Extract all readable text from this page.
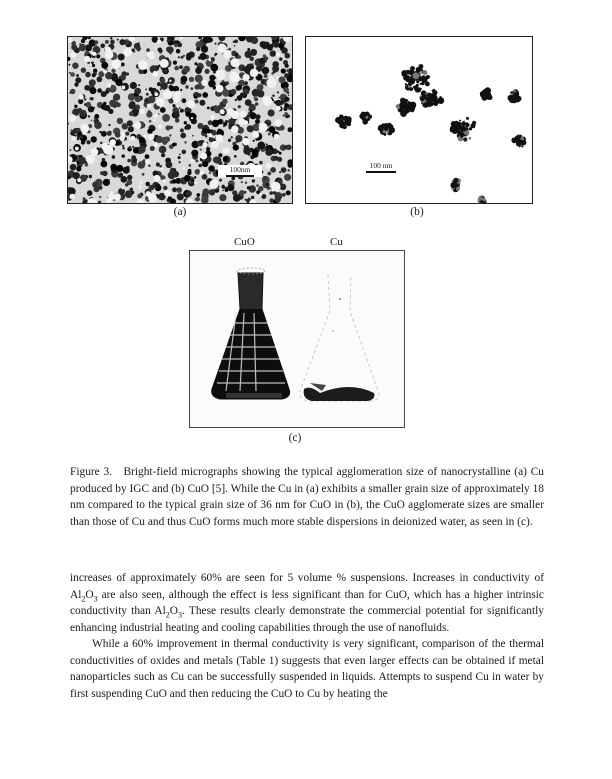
100nm
(a)
100 nm
(b)
CuO	Cu
(c)
Figure 3. Bright-field micrographs showing the typical agglomeration size of nanocrystalline (a) Cu produced by IGC and (b) CuO [5]. While the Cu in (a) exhibits a smaller grain size of approximately 18 nm compared to the typical grain size of 36 nm for CuO in (b), the CuO agglomerate sizes are smaller than those of Cu and thus CuO forms much more stable dispersions in deionized water, as seen in (c).

increases of approximately 60% are seen for 5 volume % suspensions. Increases in conductivity of $Al_2O_3$ are also seen, although the effect is less significant than for CuO, which has a higher intrinsic conductivity than $Al_2O_3$. These results clearly demonstrate the commercial potential for significantly enhancing industrial heating and cooling capabilities through the use of nanofluids.

While a 60% improvement in thermal conductivity is very significant, comparison of the thermal conductivities of oxides and metals (Table 1) suggests that even larger effects can be obtained if metal nanoparticles such as Cu can be successfully suspended in liquids. Attempts to suspend Cu in water by first suspending CuO and then reducing the CuO to Cu by heating the
